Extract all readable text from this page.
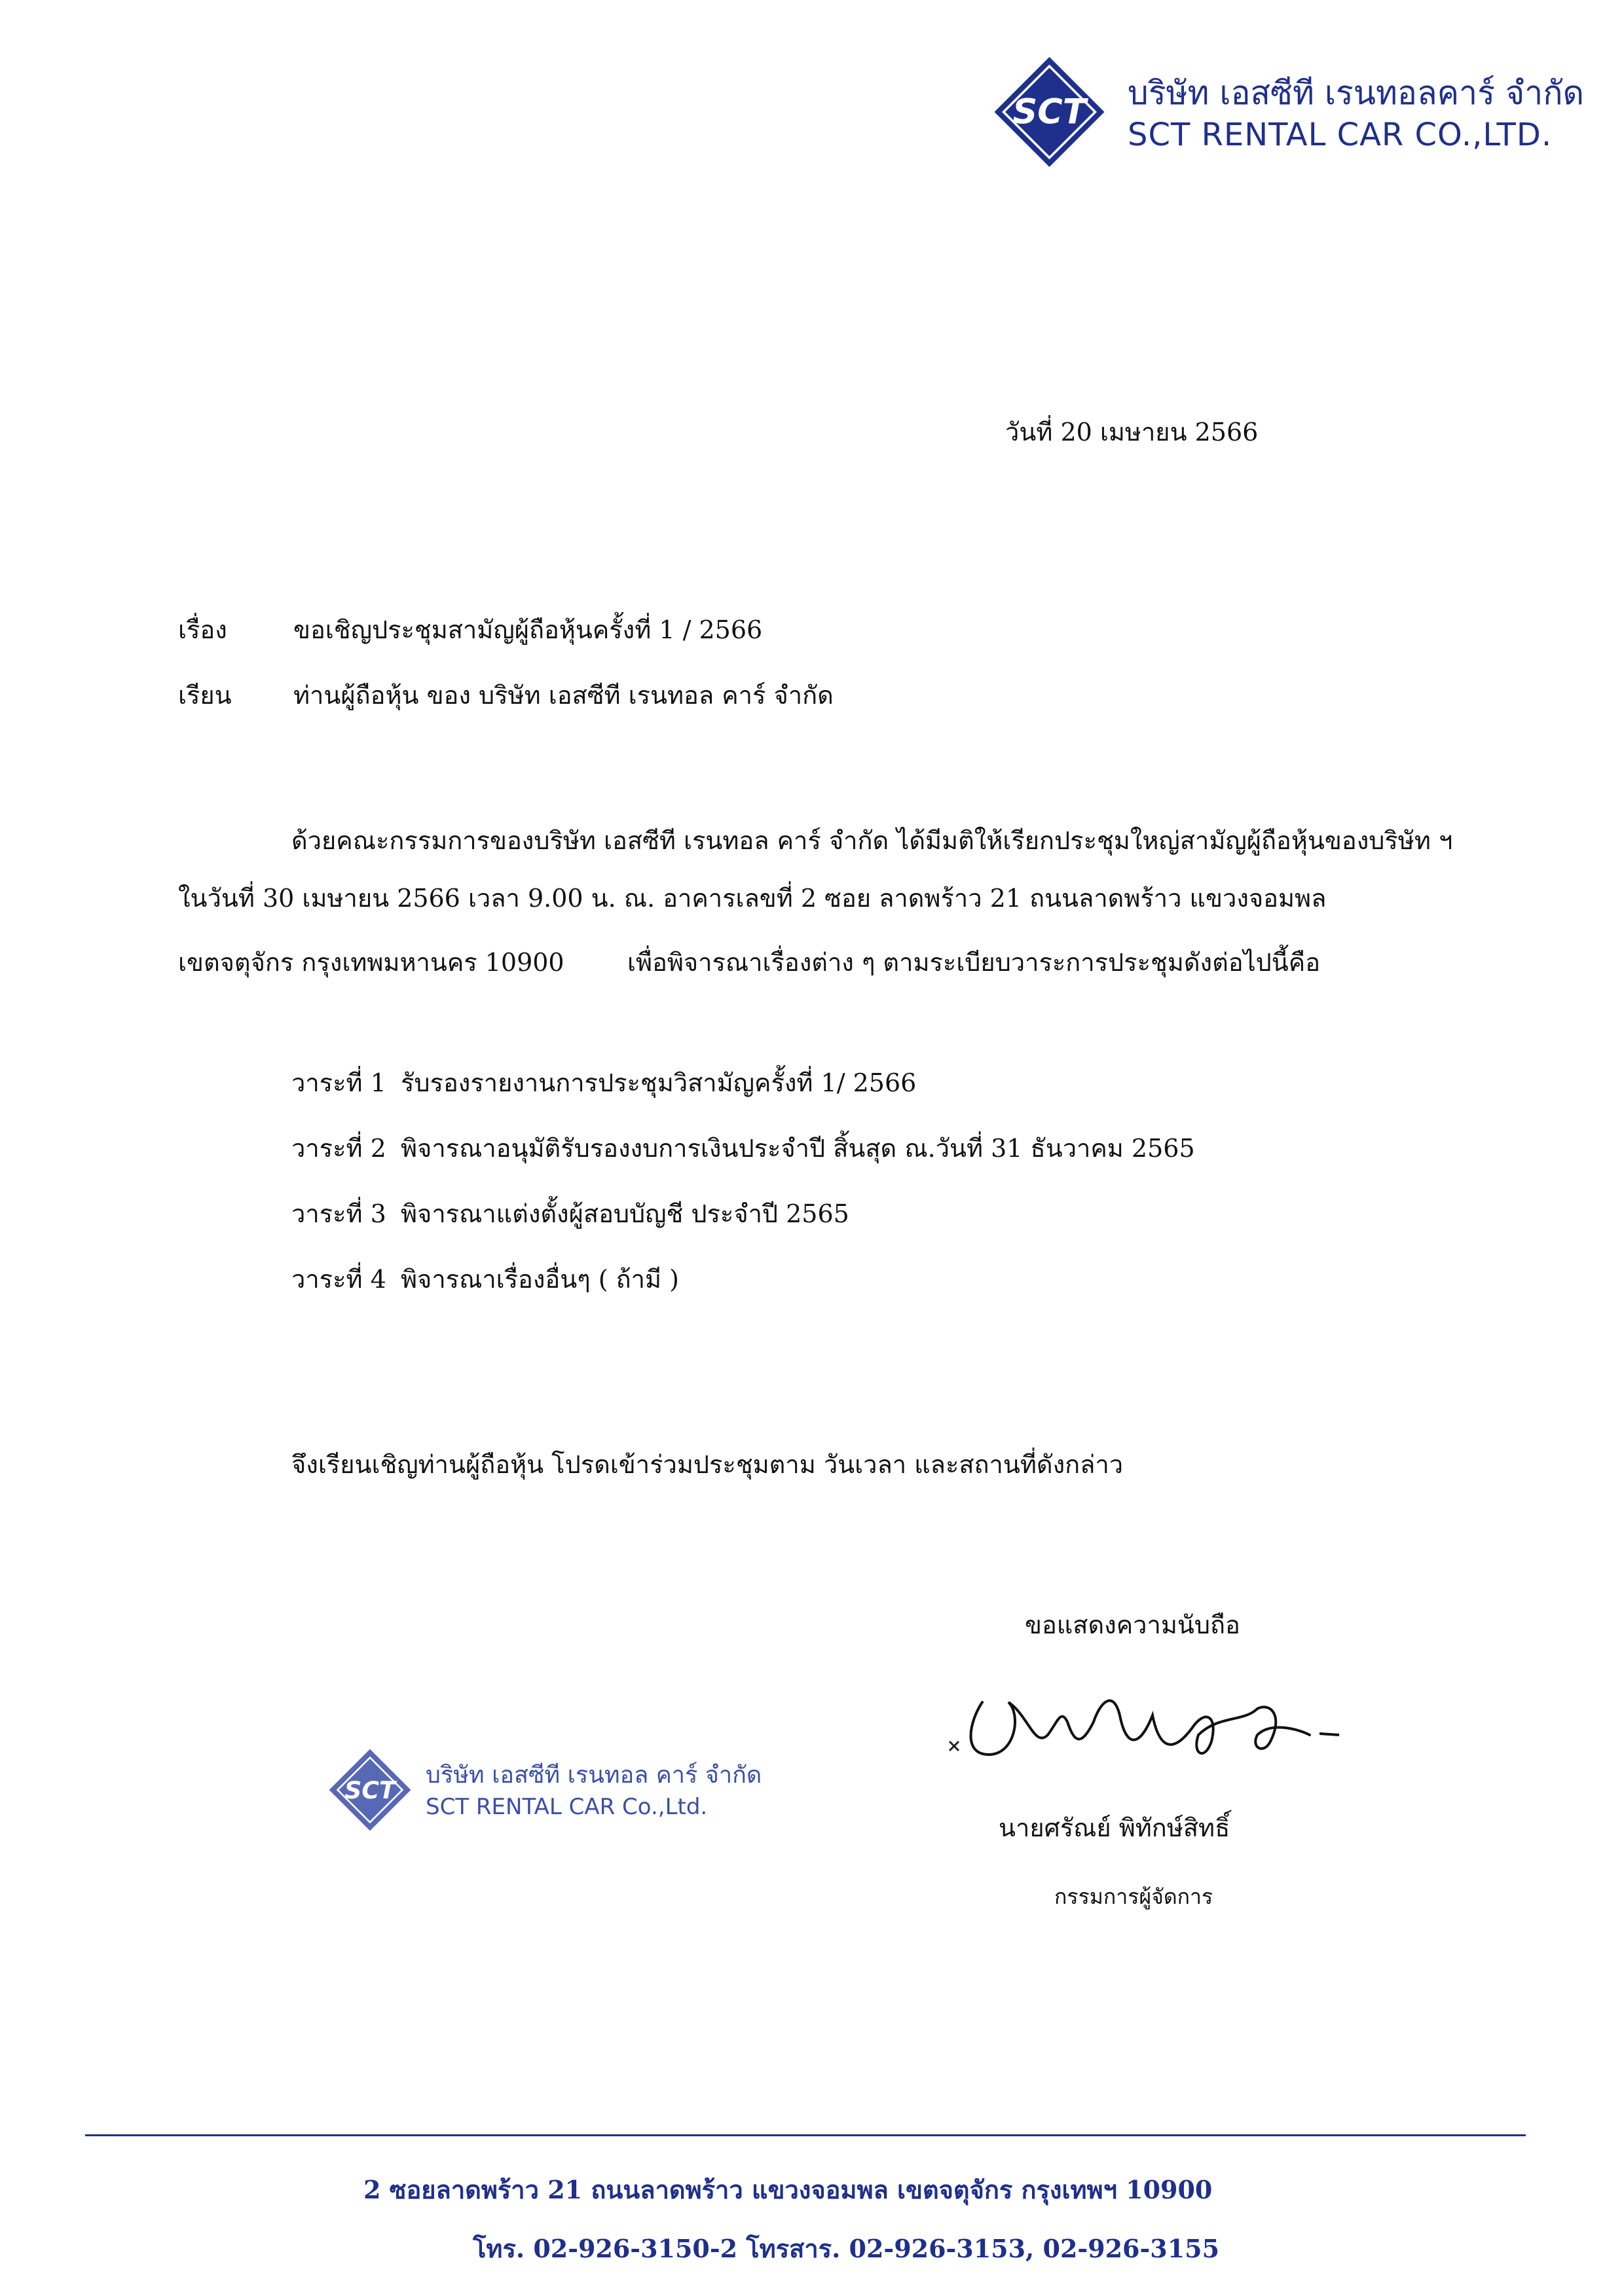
SCT บริษัท เอสซีที เรนทอลคาร์ จำกัด
SCT RENTAL CAR CO.,LTD.
วันที่ 20 เมษายน 2566
เรื่อง	ขอเชิญประชุมสามัญผู้ถือหุ้นครั้งที่ 1 / 2566
เรียน ท่านผู้ถือหุ้น ของ บริษัท เอสซีที เรนทอล คาร์ จำกัด
ด้วยคณะกรรมการของบริษัท เอสซีที เรนทอล คาร์ จำกัด ได้มีมติให้เรียกประชุมใหญ่สามัญผู้ถือหุ้นของบริษัท ฯ
ในวันที่ 30 เมษายน 2566 เวลา 9.00 น. ณ. อาคารเลขที่ 2 ซอย ลาดพร้าว 21 ถนนลาดพร้าว แขวงจอมพล
เขตจตุจักร กรุงเทพมหานคร 10900	เพื่อพิจารณาเรื่องต่าง ๆ ตามระเบียบวาระการประชุมดังต่อไปนี้คือ
วาระที่ 1 รับรองรายงานการประชุมวิสามัญครั้งที่ 1/ 2566
วาระที่ 2 พิจารณาอนุมัติรับรองงบการเงินประจำปี สิ้นสุด ณ.วันที่ 31 ธันวาคม 2565
วาระที่ 3 พิจารณาแต่งตั้งผู้สอบบัญชี ประจำปี 2565
วาระที่ 4 พิจารณาเรื่องอื่นๆ ( ถ้ามี )
จึงเรียนเชิญท่านผู้ถือหุ้น โปรดเข้าร่วมประชุมตาม วันเวลา และสถานที่ดังกล่าว
ขอแสดงความนับถือ
SCT
บริษัท เอสซีที เรนทอล คาร์ จำกัด
SCT RENTAL CAR Co.,Ltd.
นายศรัณย์ พิทักษ์สิทธิ์
กรรมการผู้จัดการ
2 ซอยลาดพร้าว 21 ถนนลาดพร้าว แขวงจอมพล เขตจตุจักร กรุงเทพฯ 10900
โทร. 02-926-3150-2 โทรสาร. 02-926-3153, 02-926-3155
